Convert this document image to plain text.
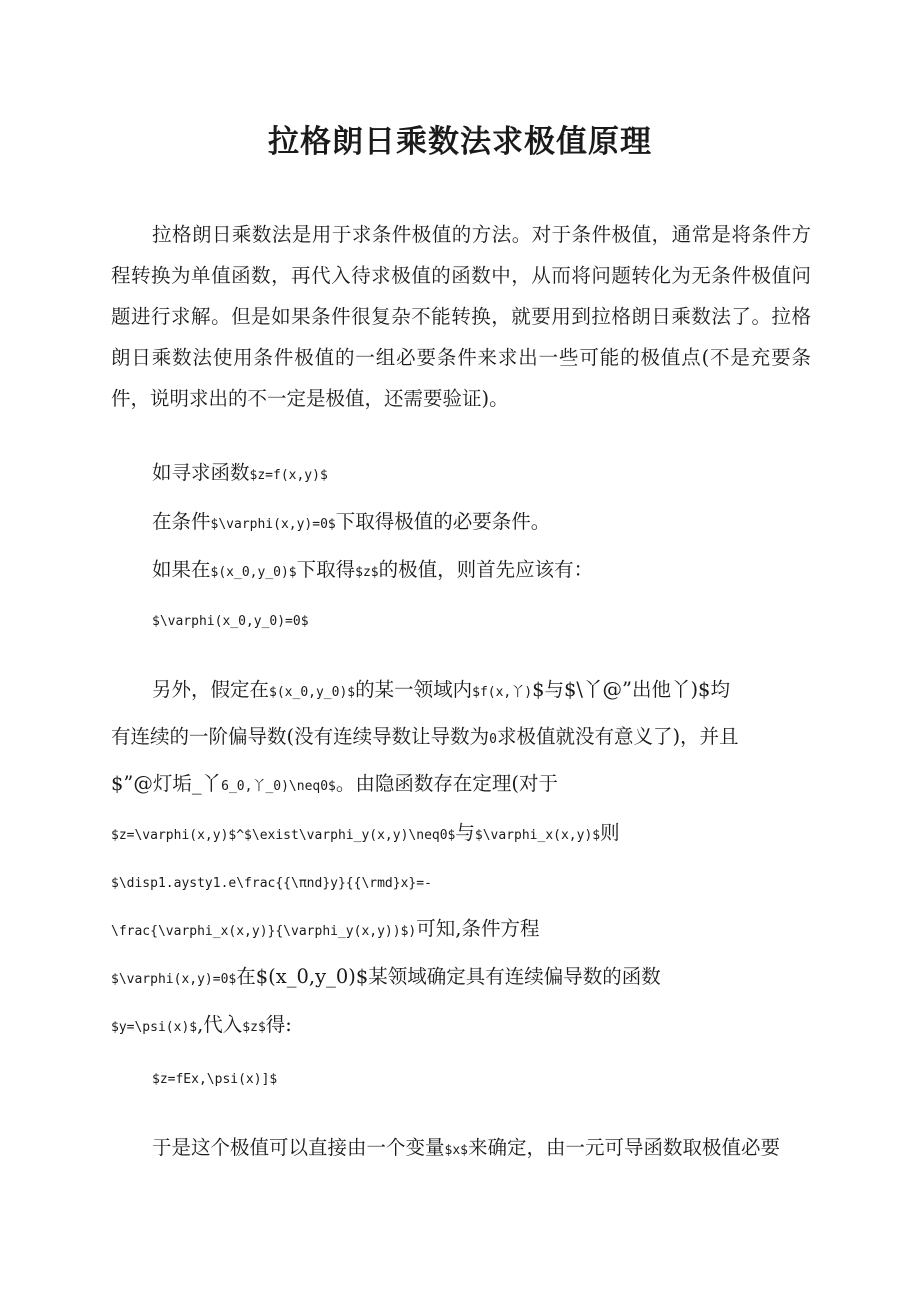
拉格朗日乘数法求极值原理

拉格朗日乘数法是用于求条件极值的方法。对于条件极值，通常是将条件方程转换为单值函数，再代入待求极值的函数中，从而将问题转化为无条件极值问题进行求解。但是如果条件很复杂不能转换，就要用到拉格朗日乘数法了。拉格朗日乘数法使用条件极值的一组必要条件来求出一些可能的极值点(不是充要条件，说明求出的不一定是极值，还需要验证)。

如寻求函数$z=f(x,y)$
在条件$\varphi(x,y)=0$下取得极值的必要条件。
如果在$(x_0,y_0)$下取得$z$的极值，则首先应该有：
$\varphi(x_0,y_0)=0$
另外，假定在$(x_0,y_0)$的某一领域内$f(x,丫)$与$\丫@”出他丫)$均
有连续的一阶偏导数(没有连续导数让导数为0求极值就没有意义了)，并且
$”@灯垢_丫6_0,丫_0)\neq0$。由隐函数存在定理(对于
$z=\varphi(x,y)$^$\exist\varphi_y(x,y)\neq0$与$\varphi_x(x,y)$则
$\disp1.aysty1.e\frac{{\πnd}y}{{\rmd}x}=-
\frac{\varphi_x(x,y)}{\varphi_y(x,y))$)可知,条件方程
$\varphi(x,y)=0$在$(x_0,y_0)$某领域确定具有连续偏导数的函数
$y=\psi(x)$,代入$z$得:
$z=fEx,\psi(x)]$
于是这个极值可以直接由一个变量$x$来确定，由一元可导函数取极值必要
